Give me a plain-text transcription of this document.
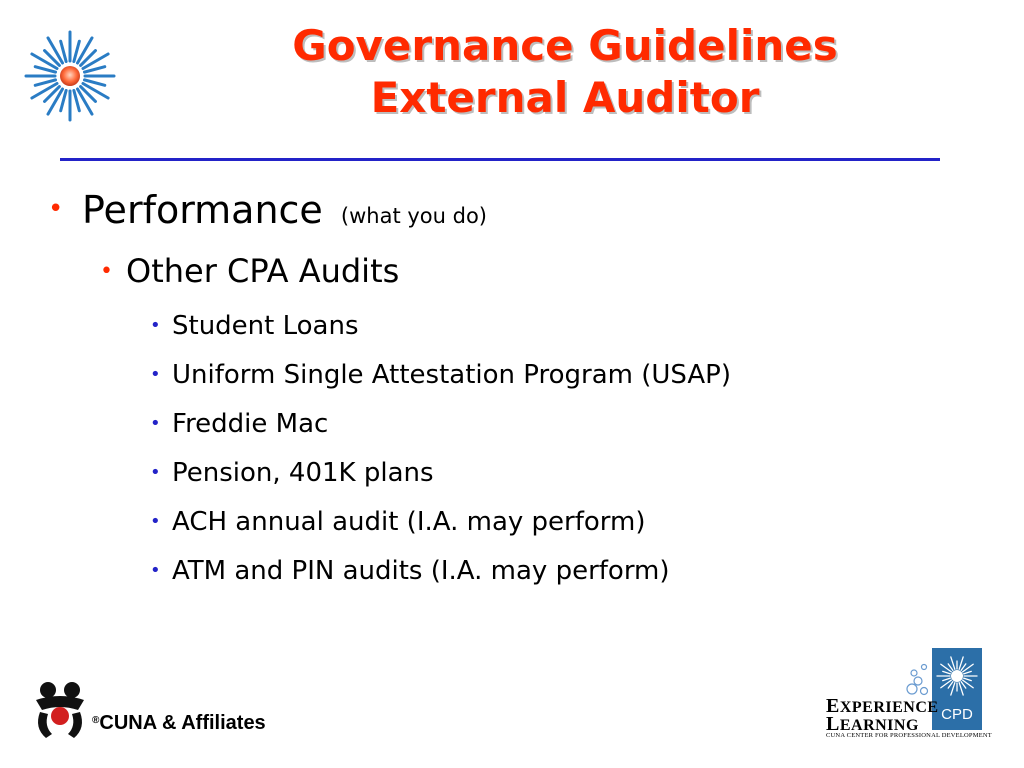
Governance Guidelines
External Auditor
• Performance (what you do)
• Other CPA Audits
• Student Loans
• Uniform Single Attestation Program (USAP)
• Freddie Mac
• Pension, 401K plans
• ACH annual audit (I.A. may perform)
• ATM and PIN audits (I.A. may perform)
®CUNA & Affiliates	CPD
EXPERIENCE
LEARNING
CUNA CENTER FOR PROFESSIONAL DEVELOPMENT
